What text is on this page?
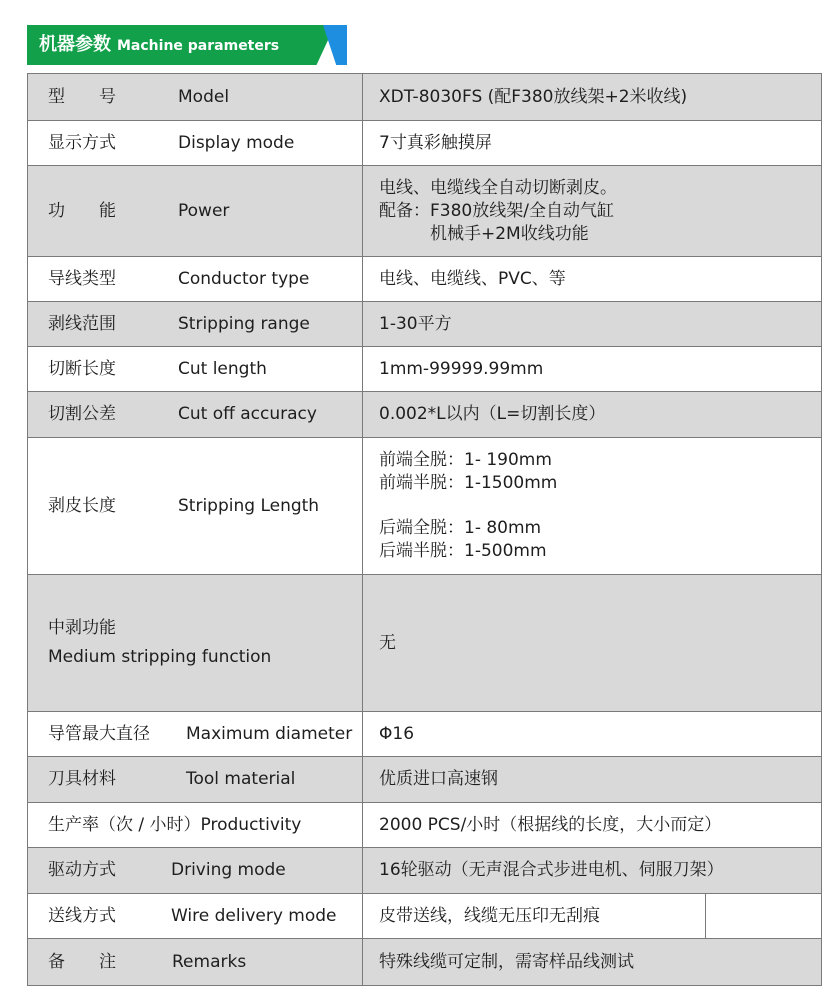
机器参数 Machine parameters
型　　号 Model	XDT-8030FS (配F380放线架+2米收线)

显示方式 Display mode	7寸真彩触摸屏

功　　能 Power	电线、电缆线全自动切断剥皮。
配备：F380放线架/全自动气缸
　　　机械手+2M收线功能

导线类型 Conductor type	电线、电缆线、PVC、等

剥线范围 Stripping range	1-30平方

切断长度 Cut length	1mm-99999.99mm

切割公差 Cut off accuracy	0.002*L以内（L=切割长度）

剥皮长度 Stripping Length	前端全脱：1- 190mm
前端半脱：1-1500mm
后端全脱：1- 80mm
后端半脱：1-500mm

中剥功能
Medium stripping function	无

导管最大直径 Maximum diameter	Φ16

刀具材料 Tool material	优质进口高速钢

生产率（次 / 小时）Productivity	2000 PCS/小时（根据线的长度，大小而定）

驱动方式 Driving mode	16轮驱动（无声混合式步进电机、伺服刀架）

送线方式 Wire delivery mode	皮带送线，线缆无压印无刮痕

备　　注 Remarks	特殊线缆可定制，需寄样品线测试
